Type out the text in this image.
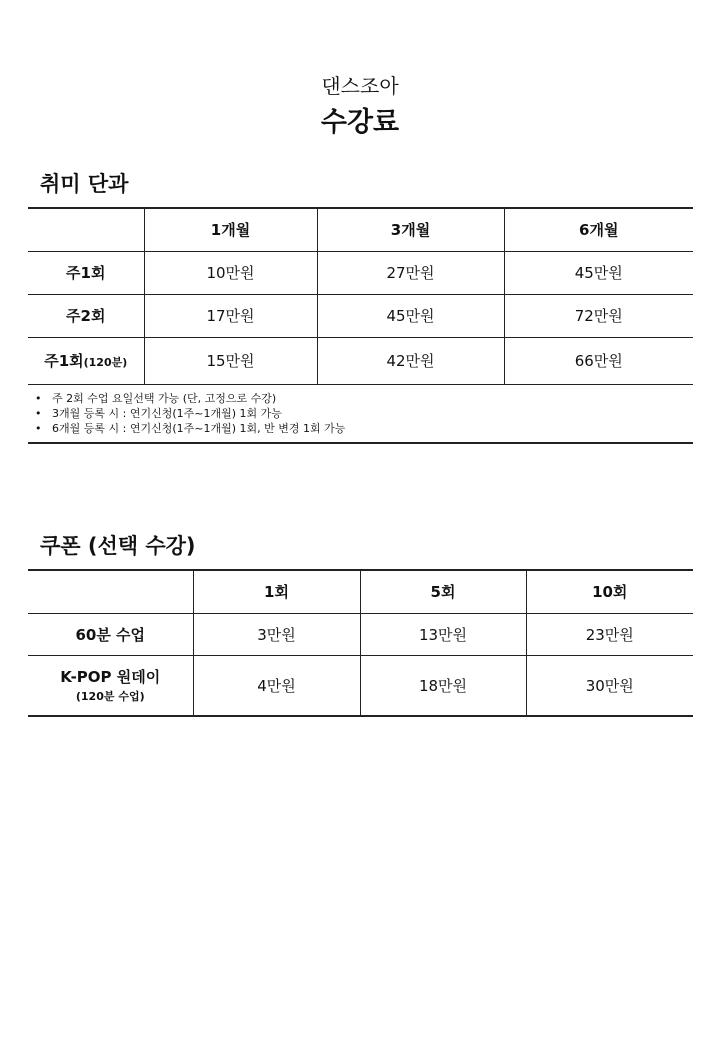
댄스조아
수강료
취미 단과
	1개월	3개월	6개월
주1회	10만원	27만원	45만원
주2회	17만원	45만원	72만원
주1회(120분)	15만원	42만원	66만원
• 주 2회 수업 요일선택 가능 (단, 고정으로 수강)
• 3개월 등록 시 : 연기신청(1주~1개월) 1회 가능
• 6개월 등록 시 : 연기신청(1주~1개월) 1회, 반 변경 1회 가능
쿠폰 (선택 수강)
	1회	5회	10회
60분 수업	3만원	13만원	23만원

K-POP 원데이
(120분 수업)	4만원	18만원	30만원
